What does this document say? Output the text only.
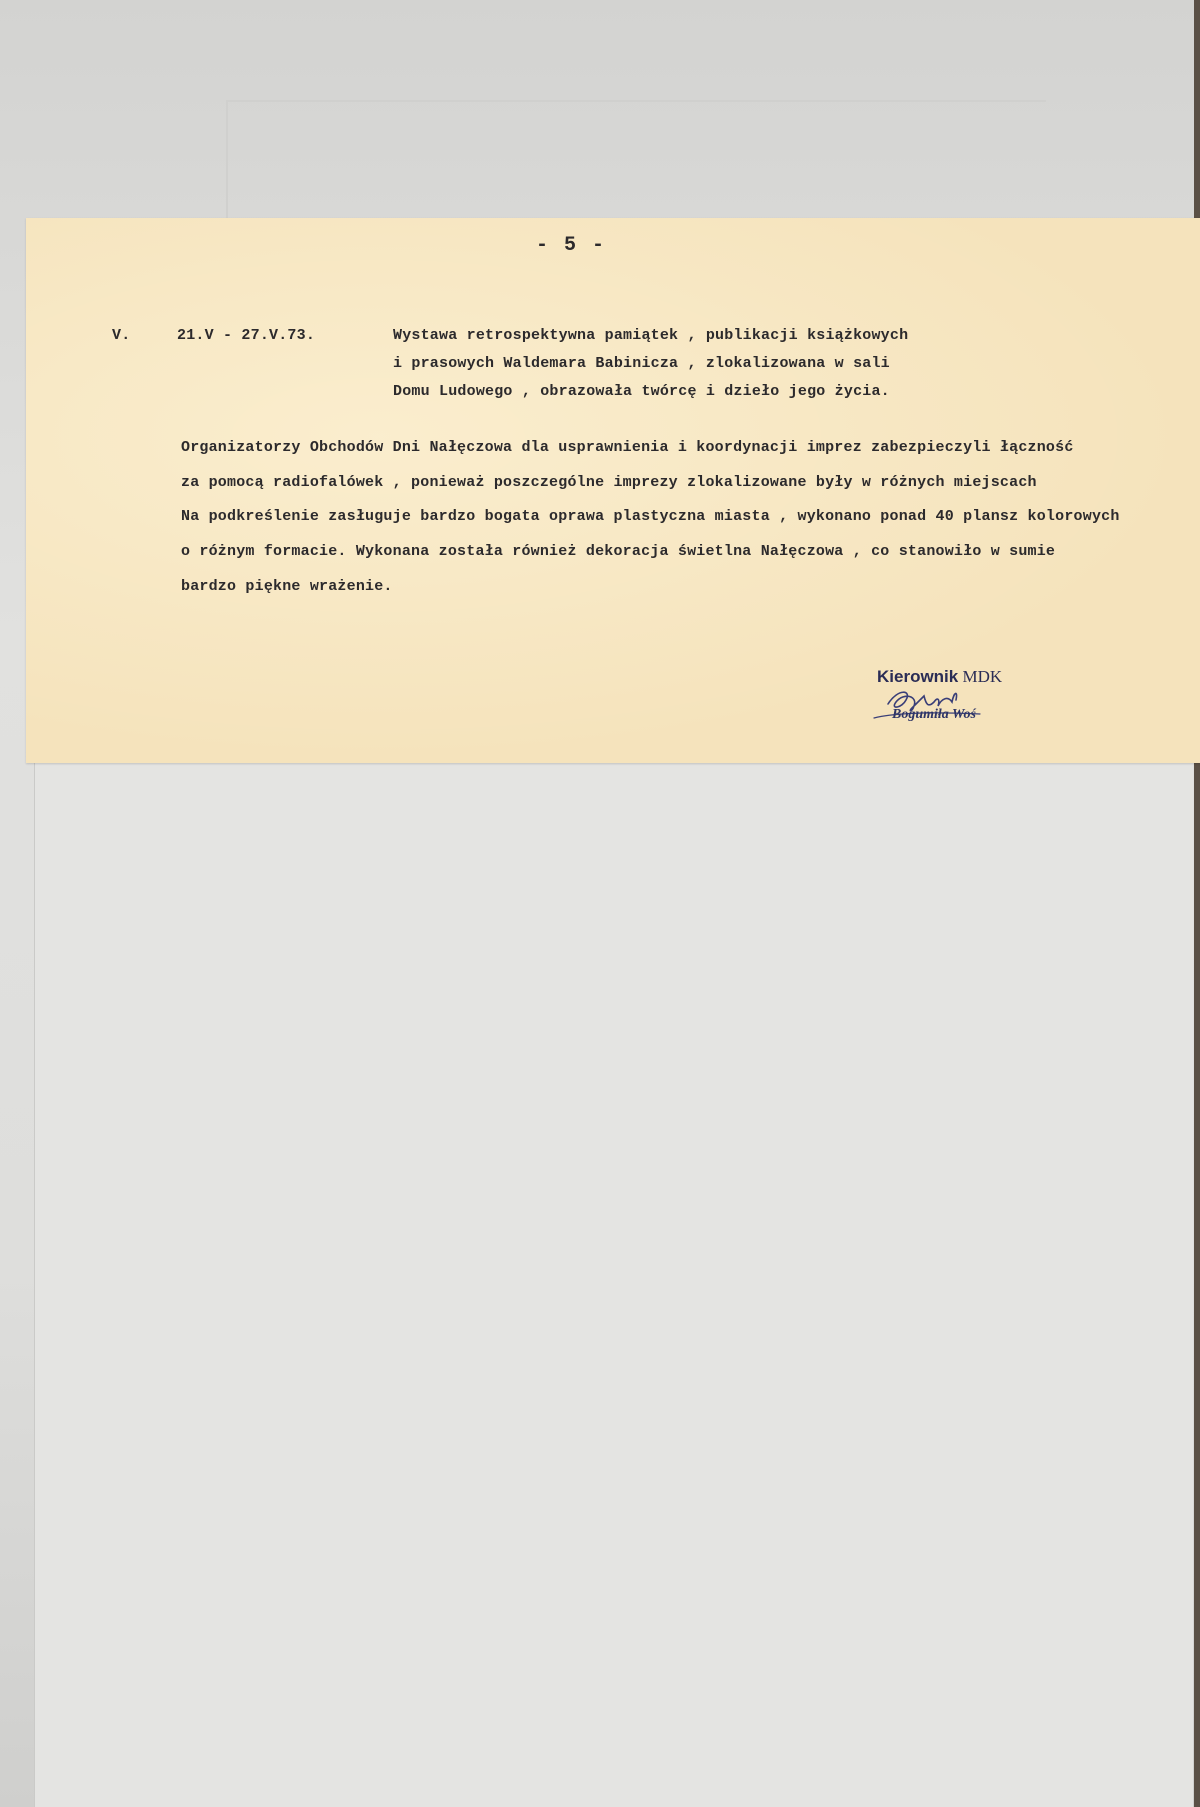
- 5 -
V.	21.V - 27.V.73.	Wystawa retrospektywna pamiątek , publikacji książkowych
i prasowych Waldemara Babinicza , zlokalizowana w sali
Domu Ludowego , obrazowała twórcę i dzieło jego życia.
Organizatorzy Obchodów Dni Nałęczowa dla usprawnienia i koordynacji imprez zabezpieczyli łączność
za pomocą radiofalówek , ponieważ poszczególne imprezy zlokalizowane były w różnych miejscach
Na podkreślenie zasługuje bardzo bogata oprawa plastyczna miasta , wykonano ponad 40 plansz kolorowych
o różnym formacie. Wykonana została również dekoracja świetlna Nałęczowa , co stanowiło w sumie
bardzo piękne wrażenie.
Kierownik MDK
Bogumiła Woś
